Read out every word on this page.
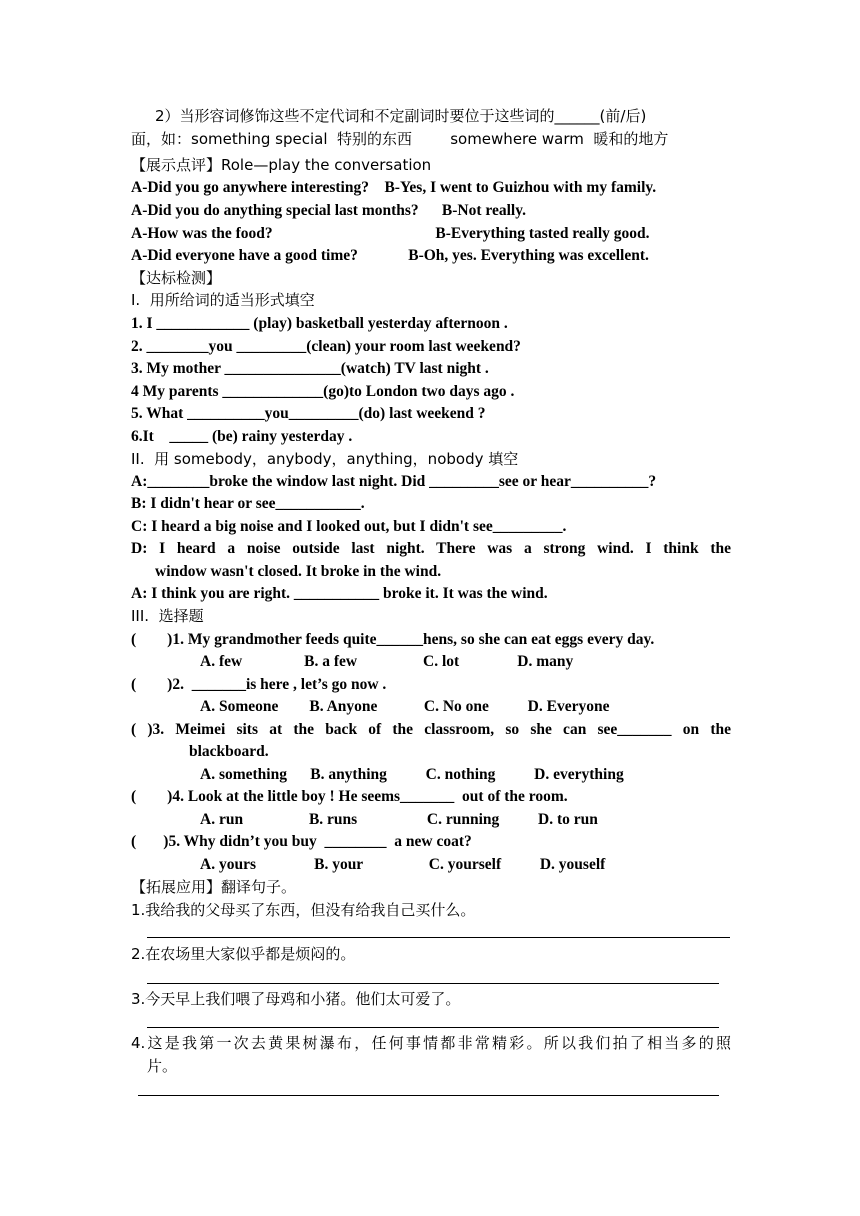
2）当形容词修饰这些不定代词和不定副词时要位于这些词的______(前/后)
面，如：something special  特别的东西        somewhere warm  暖和的地方
【展示点评】Role—play the conversation
A-Did you go anywhere interesting?    B-Yes, I went to Guizhou with my family.
A-Did you do anything special last months?      B-Not really.
A-How was the food?                                          B-Everything tasted really good.
A-Did everyone have a good time?             B-Oh, yes. Everything was excellent.
【达标检测】
I.  用所给词的适当形式填空
1. I ____________ (play) basketball yesterday afternoon .
2. ________you _________(clean) your room last weekend?
3. My mother _______________(watch) TV last night .
4 My parents _____________(go)to London two days ago .
5. What __________you_________(do) last weekend ?
6.It    _____ (be) rainy yesterday .
II.  用 somebody，anybody，anything，nobody 填空
A:________broke the window last night. Did _________see or hear__________?
B: I didn't hear or see___________.
C: I heard a big noise and I looked out, but I didn't see_________.
D: I heard a noise outside last night. There was a strong wind. I think the
window wasn't closed. It broke in the wind.
A: I think you are right. ___________ broke it. It was the wind.
III.  选择题
(        )1. My grandmother feeds quite______hens, so she can eat eggs every day.
A. few                B. a few                 C. lot               D. many
(        )2.  _______is here , let’s go now .
A. Someone        B. Anyone            C. No one          D. Everyone
( )3. Meimei sits at the back of the classroom, so she can see_______ on the
blackboard.
A. something      B. anything          C. nothing          D. everything
(        )4. Look at the little boy ! He seems_______  out of the room.
A. run                 B. runs                  C. running          D. to run
(       )5. Why didn’t you buy  ________  a new coat?
A. yours               B. your                 C. yourself          D. youself
【拓展应用】翻译句子。
1.我给我的父母买了东西，但没有给我自己买什么。
2.在农场里大家似乎都是烦闷的。
3.今天早上我们喂了母鸡和小猪。他们太可爱了。
4.这是我第一次去黄果树瀑布，任何事情都非常精彩。所以我们拍了相当多的照
片。
